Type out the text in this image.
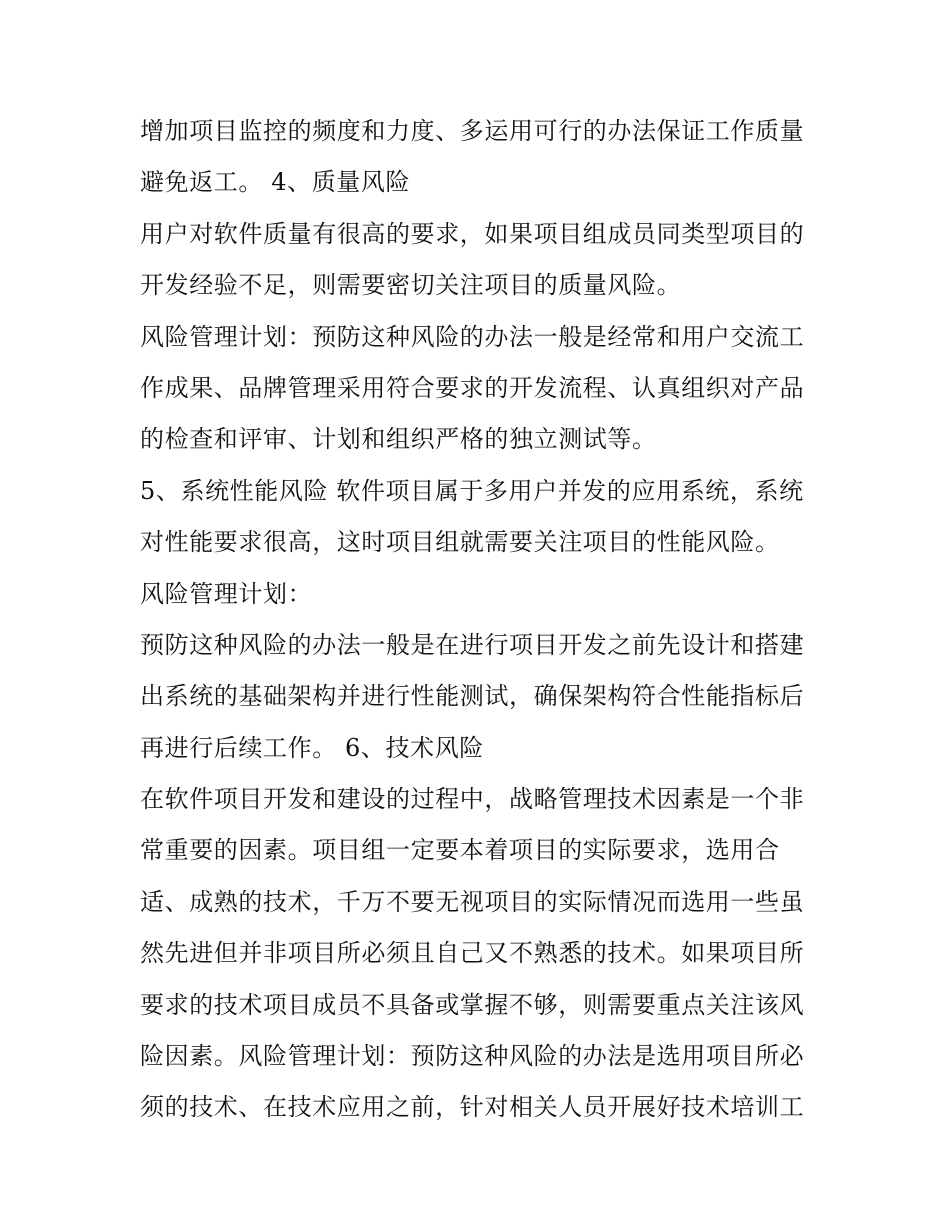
增加项目监控的频度和力度、多运用可行的办法保证工作质量
避免返工。 4、质量风险
用户对软件质量有很高的要求，如果项目组成员同类型项目的
开发经验不足，则需要密切关注项目的质量风险。
风险管理计划：预防这种风险的办法一般是经常和用户交流工
作成果、品牌管理采用符合要求的开发流程、认真组织对产品
的检查和评审、计划和组织严格的独立测试等。
5、系统性能风险 软件项目属于多用户并发的应用系统，系统
对性能要求很高，这时项目组就需要关注项目的性能风险。
风险管理计划：
预防这种风险的办法一般是在进行项目开发之前先设计和搭建
出系统的基础架构并进行性能测试，确保架构符合性能指标后
再进行后续工作。 6、技术风险
在软件项目开发和建设的过程中，战略管理技术因素是一个非
常重要的因素。项目组一定要本着项目的实际要求，选用合
适、成熟的技术，千万不要无视项目的实际情况而选用一些虽
然先进但并非项目所必须且自己又不熟悉的技术。如果项目所
要求的技术项目成员不具备或掌握不够，则需要重点关注该风
险因素。风险管理计划：预防这种风险的办法是选用项目所必
须的技术、在技术应用之前，针对相关人员开展好技术培训工
